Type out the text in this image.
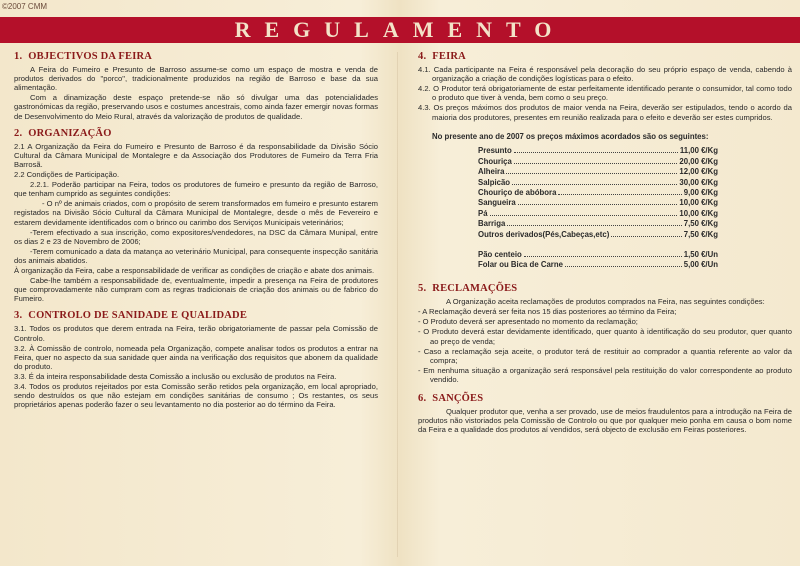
©2007 CMM
REGULAMENTO
1. OBJECTIVOS DA FEIRA

A Feira do Fumeiro e Presunto de Barroso assume-se como um espaço de mostra e venda de produtos derivados do "porco", tradicionalmente produzidos na região de Barroso e base da sua alimentação.

Com a dinamização deste espaço pretende-se não só divulgar uma das potencialidades gastronómicas da região, preservando usos e costumes ancestrais, como ainda fazer emergir novas formas de Desenvolvimento do Meio Rural, através da valorização de produtos de qualidade.

2. ORGANIZAÇÃO

2.1 A Organização da Feira do Fumeiro e Presunto de Barroso é da responsabilidade da Divisão Sócio Cultural da Câmara Municipal de Montalegre e da Associação dos Produtores de Fumeiro da Terra Fria Barrosã.

2.2 Condições de Participação.

2.2.1. Poderão participar na Feira, todos os produtores de fumeiro e presunto da região de Barroso, que tenham cumprido as seguintes condições:

- O nº de animais criados, com o propósito de serem transformados em fumeiro e presunto estarem registados na Divisão Sócio Cultural da Câmara Municipal de Montalegre, desde o mês de Fevereiro e estarem devidamente identificados com o brinco ou carimbo dos Serviços Municipais veterinários;

-Terem efectivado a sua inscrição, como expositores/vendedores, na DSC da Câmara Munipal, entre os dias 2 e 23 de Novembro de 2006;

-Terem comunicado a data da matança ao veterinário Municipal, para consequente inspecção sanitária dos animais abatidos.

À organização da Feira, cabe a responsabilidade de verificar as condições de criação e abate dos animais.

Cabe-lhe também a responsabilidade de, eventualmente, impedir a presença na Feira de produtores que comprovadamente não cumpram com as regras tradicionais de criação dos animais ou de fabrico do Fumeiro.

3. CONTROLO DE SANIDADE E QUALIDADE

3.1. Todos os produtos que derem entrada na Feira, terão obrigatoriamente de passar pela Comissão de Controlo.

3.2. À Comissão de controlo, nomeada pela Organização, compete analisar todos os produtos a entrar na Feira, quer no aspecto da sua sanidade quer ainda na verificação dos requisitos que abonem da qualidade do produto.

3.3. É da inteira responsabilidade desta Comissão a inclusão ou exclusão de produtos na Feira.

3.4. Todos os produtos rejeitados por esta Comissão serão retidos pela organização, em local apropriado, sendo destruídos os que não estejam em condições sanitárias de consumo ; Os restantes, os seus proprietários apenas poderão fazer o seu levantamento no dia posterior ao do término da Feira.

4. FEIRA

4.1. Cada participante na Feira é responsável pela decoração do seu próprio espaço de venda, cabendo à organização a criação de condições logísticas para o efeito.

4.2. O Produtor terá obrigatoriamente de estar perfeitamente identificado perante o consumidor, tal como todo o produto que tiver à venda, bem como o seu preço.

4.3. Os preços máximos dos produtos de maior venda na Feira, deverão ser estipulados, tendo o acordo da maioria dos produtores, presentes em reunião realizada para o efeito e deverão ser estes cumpridos.

No presente ano de 2007 os preços máximos acordados são os seguintes:
Presunto	11,00 €/Kg
Chouriça	20,00 €/Kg
Alheira	12,00 €/Kg
Salpicão	30,00 €/Kg
Chouriço de abóbora	9,00 €/Kg
Sangueira	10,00 €/Kg
Pá	10,00 €/Kg
Barriga	7,50 €/Kg
Outros derivados(Pés,Cabeças,etc)	7,50 €/Kg
Pão centeio	1,50 €/Un
Folar ou Bica de Carne	5,00 €/Un
5. RECLAMAÇÕES

A Organização aceita reclamações de produtos comprados na Feira, nas seguintes condições:

- A Reclamação deverá ser feita nos 15 dias posteriores ao término da Feira;

- O Produto deverá ser apresentado no momento da reclamação;

- O Produto deverá estar devidamente identificado, quer quanto à identificação do seu produtor, quer quanto ao preço de venda;

- Caso a reclamação seja aceite, o produtor terá de restituir ao comprador a quantia referente ao valor da compra;

- Em nenhuma situação a organização será responsável pela restituição do valor correspondente ao produto vendido.

6. SANÇÕES

Qualquer produtor que, venha a ser provado, use de meios fraudulentos para a introdução na Feira de produtos não vistoriados pela Comissão de Controlo ou que por qualquer meio ponha em causa o bom nome da Feira e a qualidade dos produtos aí vendidos, será objecto de exclusão em Feiras posteriores.
